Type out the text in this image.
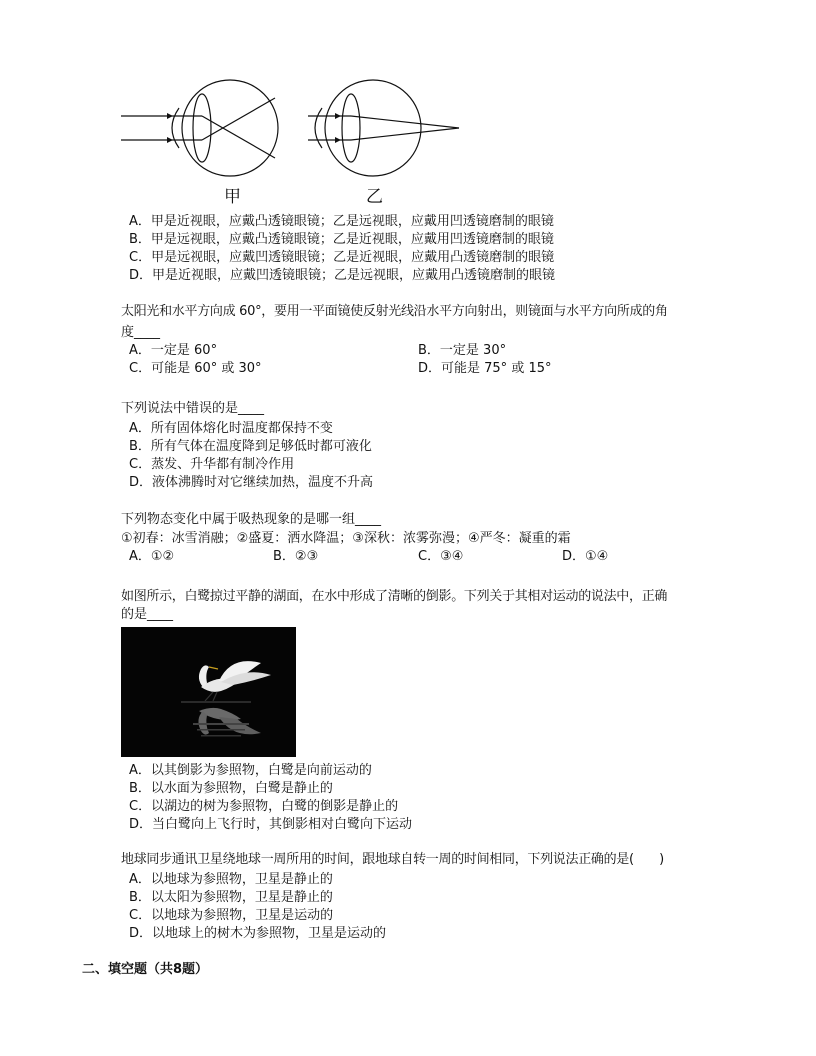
甲	乙

A．甲是近视眼，应戴凸透镜眼镜；乙是远视眼，应戴用凹透镜磨制的眼镜

B．甲是远视眼，应戴凸透镜眼镜；乙是近视眼，应戴用凹透镜磨制的眼镜

C．甲是远视眼，应戴凹透镜眼镜；乙是近视眼，应戴用凸透镜磨制的眼镜

D．甲是近视眼，应戴凹透镜眼镜；乙是远视眼，应戴用凸透镜磨制的眼镜

太阳光和水平方向成 60°，要用一平面镜使反射光线沿水平方向射出，则镜面与水平方向所成的角

度____

A．一定是 60°	B．一定是 30°
C．可能是 60° 或 30°	D．可能是 75° 或 15°

下列说法中错误的是____

A．所有固体熔化时温度都保持不变

B．所有气体在温度降到足够低时都可液化

C．蒸发、升华都有制冷作用

D．液体沸腾时对它继续加热，温度不升高

下列物态变化中属于吸热现象的是哪一组____

①初春：冰雪消融；②盛夏：洒水降温；③深秋：浓雾弥漫；④严冬：凝重的霜

A．①②	B．②③	C．③④	D．①④

如图所示，白鹭掠过平静的湖面，在水中形成了清晰的倒影。下列关于其相对运动的说法中，正确

的是____

A．以其倒影为参照物，白鹭是向前运动的

B．以水面为参照物，白鹭是静止的

C．以湖边的树为参照物，白鹭的倒影是静止的

D．当白鹭向上飞行时，其倒影相对白鹭向下运动

地球同步通讯卫星绕地球一周所用的时间，跟地球自转一周的时间相同，下列说法正确的是(　　)

A．以地球为参照物，卫星是静止的

B．以太阳为参照物，卫星是静止的

C．以地球为参照物，卫星是运动的

D．以地球上的树木为参照物，卫星是运动的

二、填空题（共8题）
